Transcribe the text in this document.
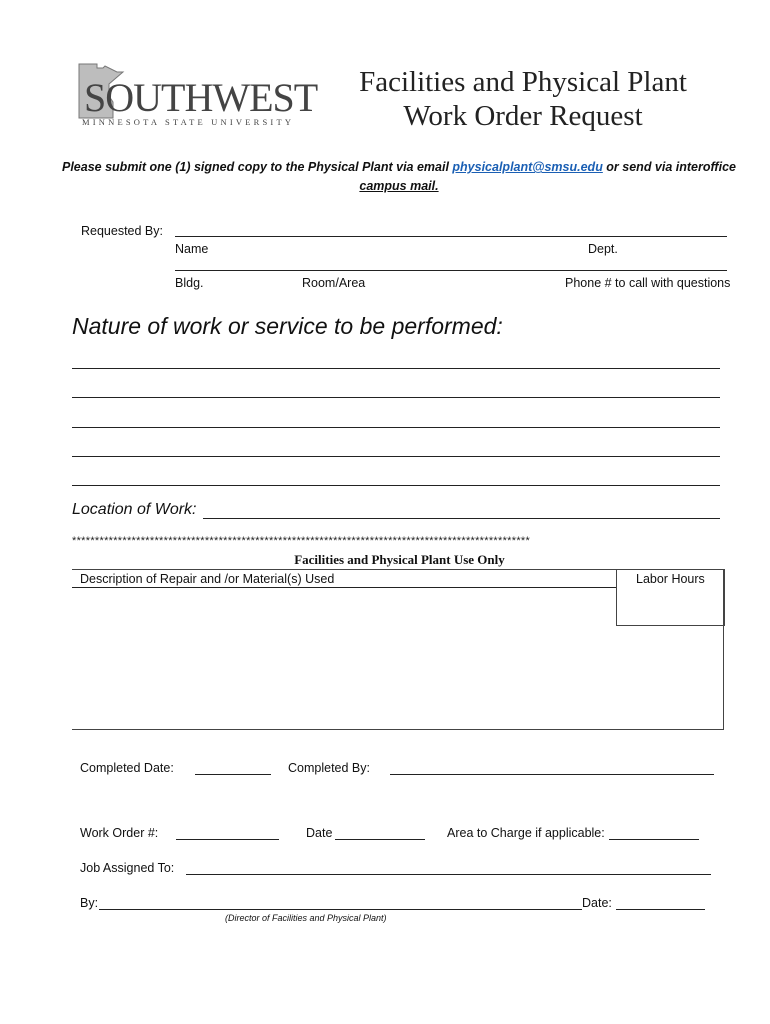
SOUTHWEST
MINNESOTA STATE UNIVERSITY
Facilities and Physical Plant
Work Order Request
Please submit one (1) signed copy to the Physical Plant via email physicalplant@smsu.edu or send via interoffice
campus mail.
Requested By:
Name	Dept.
Bldg.	Room/Area	Phone # to call with questions
Nature of work or service to be performed:
Location of Work:
****************************************************************************************************
Facilities and Physical Plant Use Only
Description of Repair and /or Material(s) Used	Labor Hours
Completed Date:	Completed By:
Work Order #:	Date	Area to Charge if applicable:
Job Assigned To:
By:	Date:
(Director of Facilities and Physical Plant)
